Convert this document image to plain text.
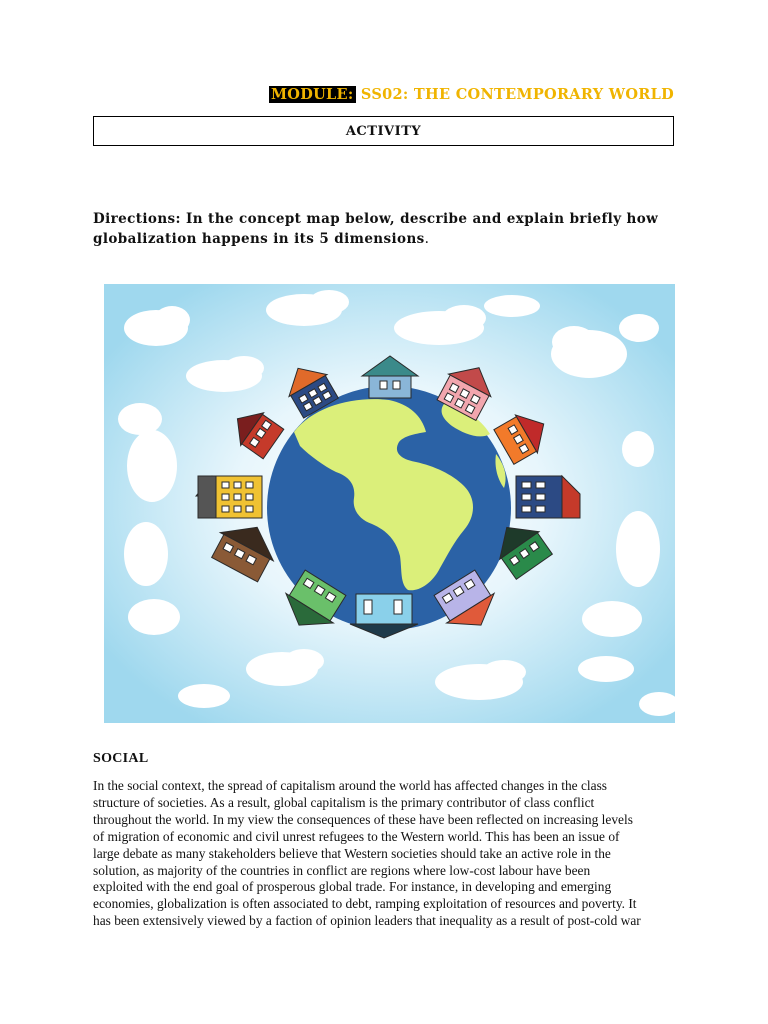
MODULE: SS02: THE CONTEMPORARY WORLD
ACTIVITY
Directions: In the concept map below, describe and explain briefly how
globalization happens in its 5 dimensions.
SOCIAL
In the social context, the spread of capitalism around the world has affected changes in the class
structure of societies. As a result, global capitalism is the primary contributor of class conflict
throughout the world. In my view the consequences of these have been reflected on increasing levels
of migration of economic and civil unrest refugees to the Western world. This has been an issue of
large debate as many stakeholders believe that Western societies should take an active role in the
solution, as majority of the countries in conflict are regions where low-cost labour have been
exploited with the end goal of prosperous global trade. For instance, in developing and emerging
economies, globalization is often associated to debt, ramping exploitation of resources and poverty. It
has been extensively viewed by a faction of opinion leaders that inequality as a result of post-cold war
